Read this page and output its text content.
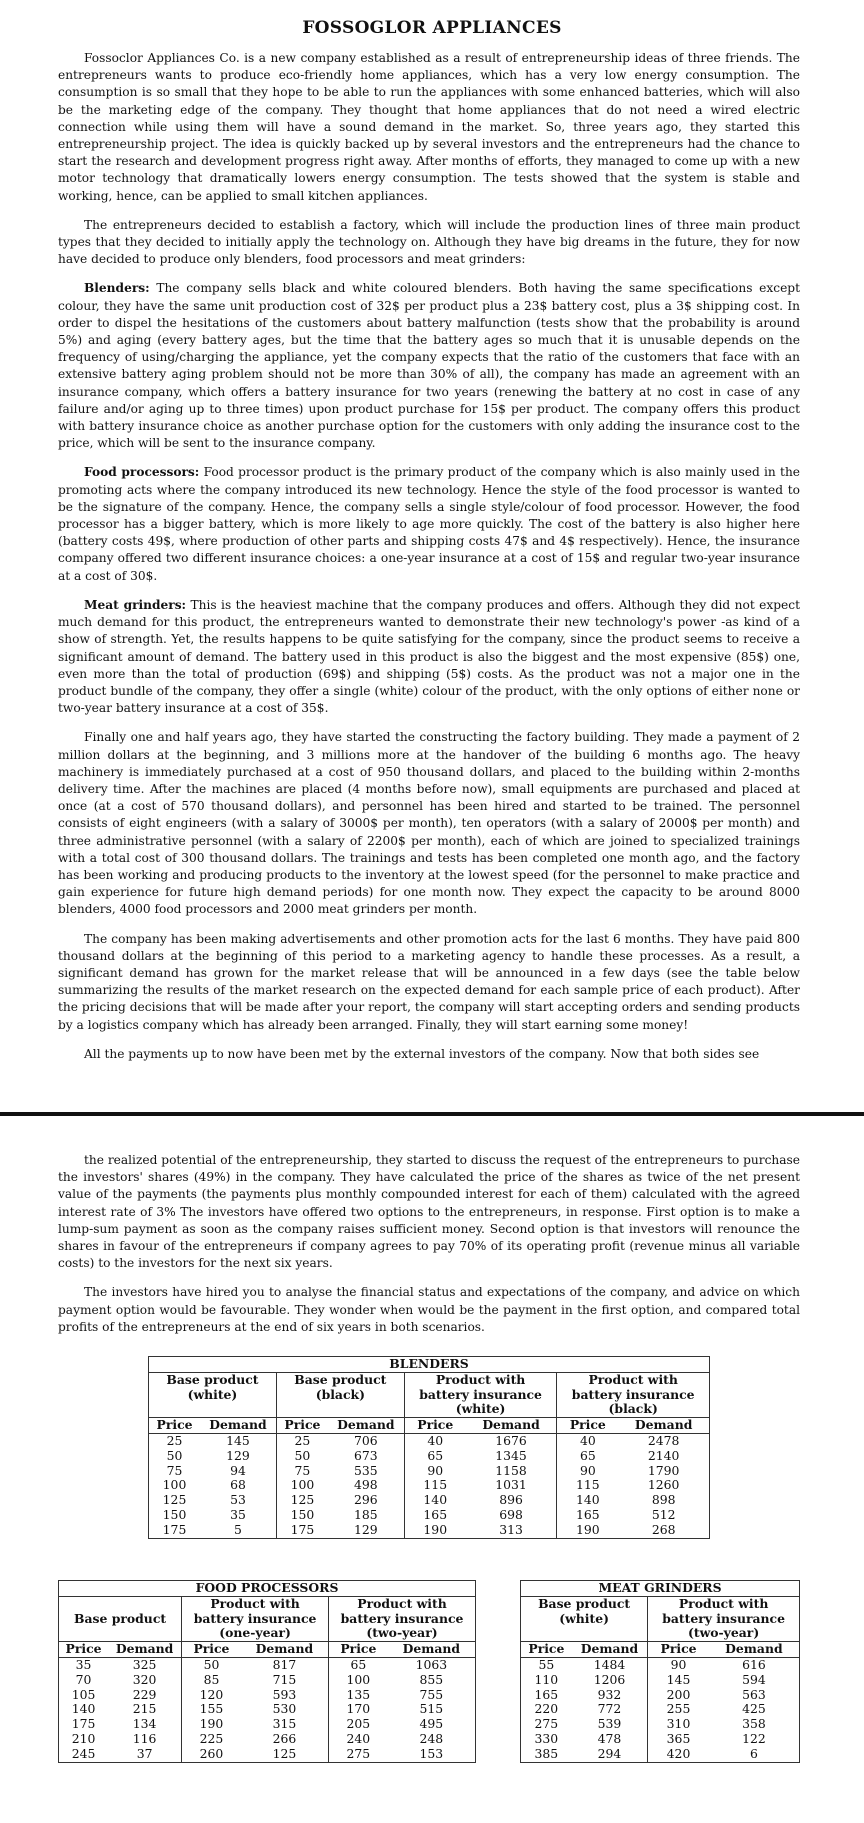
FOSSOGLOR APPLIANCES

Fossoclor Appliances Co. is a new company established as a result of entrepreneurship ideas of three friends. The entrepreneurs wants to produce eco-friendly home appliances, which has a very low energy consumption. The consumption is so small that they hope to be able to run the appliances with some enhanced batteries, which will also be the marketing edge of the company. They thought that home appliances that do not need a wired electric connection while using them will have a sound demand in the market. So, three years ago, they started this entrepreneurship project. The idea is quickly backed up by several investors and the entrepreneurs had the chance to start the research and development progress right away. After months of efforts, they managed to come up with a new motor technology that dramatically lowers energy consumption. The tests showed that the system is stable and working, hence, can be applied to small kitchen appliances.

The entrepreneurs decided to establish a factory, which will include the production lines of three main product types that they decided to initially apply the technology on. Although they have big dreams in the future, they for now have decided to produce only blenders, food processors and meat grinders:

Blenders: The company sells black and white coloured blenders. Both having the same specifications except colour, they have the same unit production cost of 32$ per product plus a 23$ battery cost, plus a 3$ shipping cost. In order to dispel the hesitations of the customers about battery malfunction (tests show that the probability is around 5%) and aging (every battery ages, but the time that the battery ages so much that it is unusable depends on the frequency of using/charging the appliance, yet the company expects that the ratio of the customers that face with an extensive battery aging problem should not be more than 30% of all), the company has made an agreement with an insurance company, which offers a battery insurance for two years (renewing the battery at no cost in case of any failure and/or aging up to three times) upon product purchase for 15$ per product. The company offers this product with battery insurance choice as another purchase option for the customers with only adding the insurance cost to the price, which will be sent to the insurance company.

Food processors: Food processor product is the primary product of the company which is also mainly used in the promoting acts where the company introduced its new technology. Hence the style of the food processor is wanted to be the signature of the company. Hence, the company sells a single style/colour of food processor. However, the food processor has a bigger battery, which is more likely to age more quickly. The cost of the battery is also higher here (battery costs 49$, where production of other parts and shipping costs 47$ and 4$ respectively). Hence, the insurance company offered two different insurance choices: a one-year insurance at a cost of 15$ and regular two-year insurance at a cost of 30$.

Meat grinders: This is the heaviest machine that the company produces and offers. Although they did not expect much demand for this product, the entrepreneurs wanted to demonstrate their new technology's power -as kind of a show of strength. Yet, the results happens to be quite satisfying for the company, since the product seems to receive a significant amount of demand. The battery used in this product is also the biggest and the most expensive (85$) one, even more than the total of production (69$) and shipping (5$) costs. As the product was not a major one in the product bundle of the company, they offer a single (white) colour of the product, with the only options of either none or two-year battery insurance at a cost of 35$.

Finally one and half years ago, they have started the constructing the factory building. They made a payment of 2 million dollars at the beginning, and 3 millions more at the handover of the building 6 months ago. The heavy machinery is immediately purchased at a cost of 950 thousand dollars, and placed to the building within 2-months delivery time. After the machines are placed (4 months before now), small equipments are purchased and placed at once (at a cost of 570 thousand dollars), and personnel has been hired and started to be trained. The personnel consists of eight engineers (with a salary of 3000$ per month), ten operators (with a salary of 2000$ per month) and three administrative personnel (with a salary of 2200$ per month), each of which are joined to specialized trainings with a total cost of 300 thousand dollars. The trainings and tests has been completed one month ago, and the factory has been working and producing products to the inventory at the lowest speed (for the personnel to make practice and gain experience for future high demand periods) for one month now. They expect the capacity to be around 8000 blenders, 4000 food processors and 2000 meat grinders per month.

The company has been making advertisements and other promotion acts for the last 6 months. They have paid 800 thousand dollars at the beginning of this period to a marketing agency to handle these processes. As a result, a significant demand has grown for the market release that will be announced in a few days (see the table below summarizing the results of the market research on the expected demand for each sample price of each product). After the pricing decisions that will be made after your report, the company will start accepting orders and sending products by a logistics company which has already been arranged. Finally, they will start earning some money!

All the payments up to now have been met by the external investors of the company. Now that both sides see

the realized potential of the entrepreneurship, they started to discuss the request of the entrepreneurs to purchase the investors' shares (49%) in the company. They have calculated the price of the shares as twice of the net present value of the payments (the payments plus monthly compounded interest for each of them) calculated with the agreed interest rate of 3% The investors have offered two options to the entrepreneurs, in response. First option is to make a lump-sum payment as soon as the company raises sufficient money. Second option is that investors will renounce the shares in favour of the entrepreneurs if company agrees to pay 70% of its operating profit (revenue minus all variable costs) to the investors for the next six years.

The investors have hired you to analyse the financial status and expectations of the company, and advice on which payment option would be favourable. They wonder when would be the payment in the first option, and compared total profits of the entrepreneurs at the end of six years in both scenarios.

BLENDERS							
Base product		Base product		Product with		Product with	
(white)		(black)		battery insurance		battery insurance	
				(white)		(black)	
Price	Demand	Price	Demand	Price	Demand	Price	Demand
25	145	25	706	40	1676	40	2478
50	129	50	673	65	1345	65	2140
75	94	75	535	90	1158	90	1790
100	68	100	498	115	1031	115	1260
125	53	125	296	140	896	140	898
150	35	150	185	165	698	165	512
175	5	175	129	190	313	190	268
FOOD PROCESSORS					
Base product		Product with		Product with	
		battery insurance		battery insurance	
		(one-year)		(two-year)	
Price	Demand	Price	Demand	Price	Demand
35	325	50	817	65	1063
70	320	85	715	100	855
105	229	120	593	135	755
140	215	155	530	170	515
175	134	190	315	205	495
210	116	225	266	240	248
245	37	260	125	275	153
MEAT GRINDERS			
Base product		Product with	
(white)		battery insurance	
		(two-year)	
Price	Demand	Price	Demand
55	1484	90	616
110	1206	145	594
165	932	200	563
220	772	255	425
275	539	310	358
330	478	365	122
385	294	420	6
